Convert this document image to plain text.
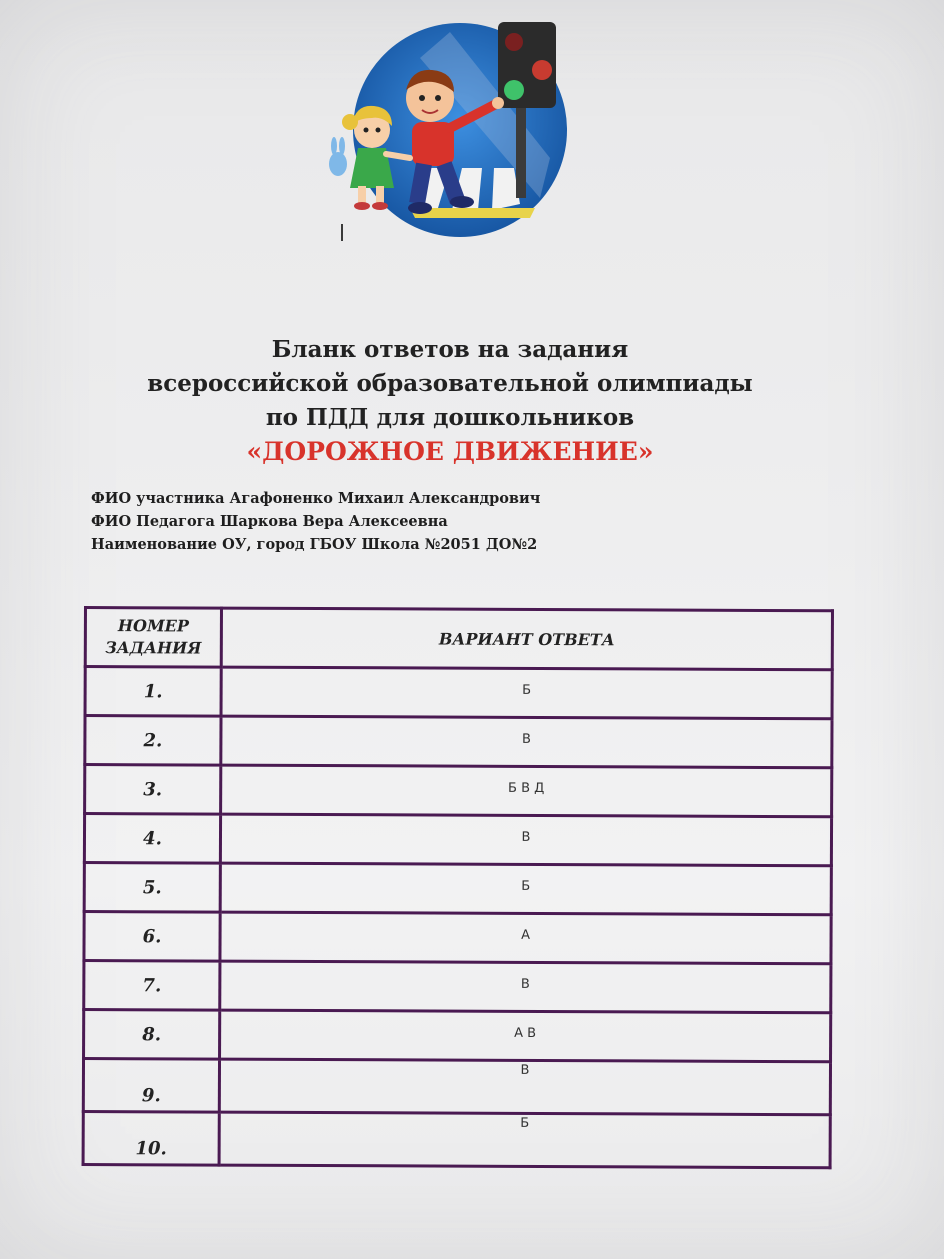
Бланк ответов на задания
всероссийской образовательной олимпиады
по ПДД для дошкольников
«ДОРОЖНОЕ ДВИЖЕНИЕ»
ФИО участника Агафоненко Михаил Александрович
ФИО Педагога Шаркова Вера Алексеевна
Наименование ОУ, город ГБОУ Школа №2051 ДО№2
НОМЕР
ЗАДАНИЯ	ВАРИАНТ ОТВЕТА
1.	Б
2.	В
3.	Б В Д
4.	В
5.	Б
6.	А
7.	В
8.	А В
9.	В
10.	Б
